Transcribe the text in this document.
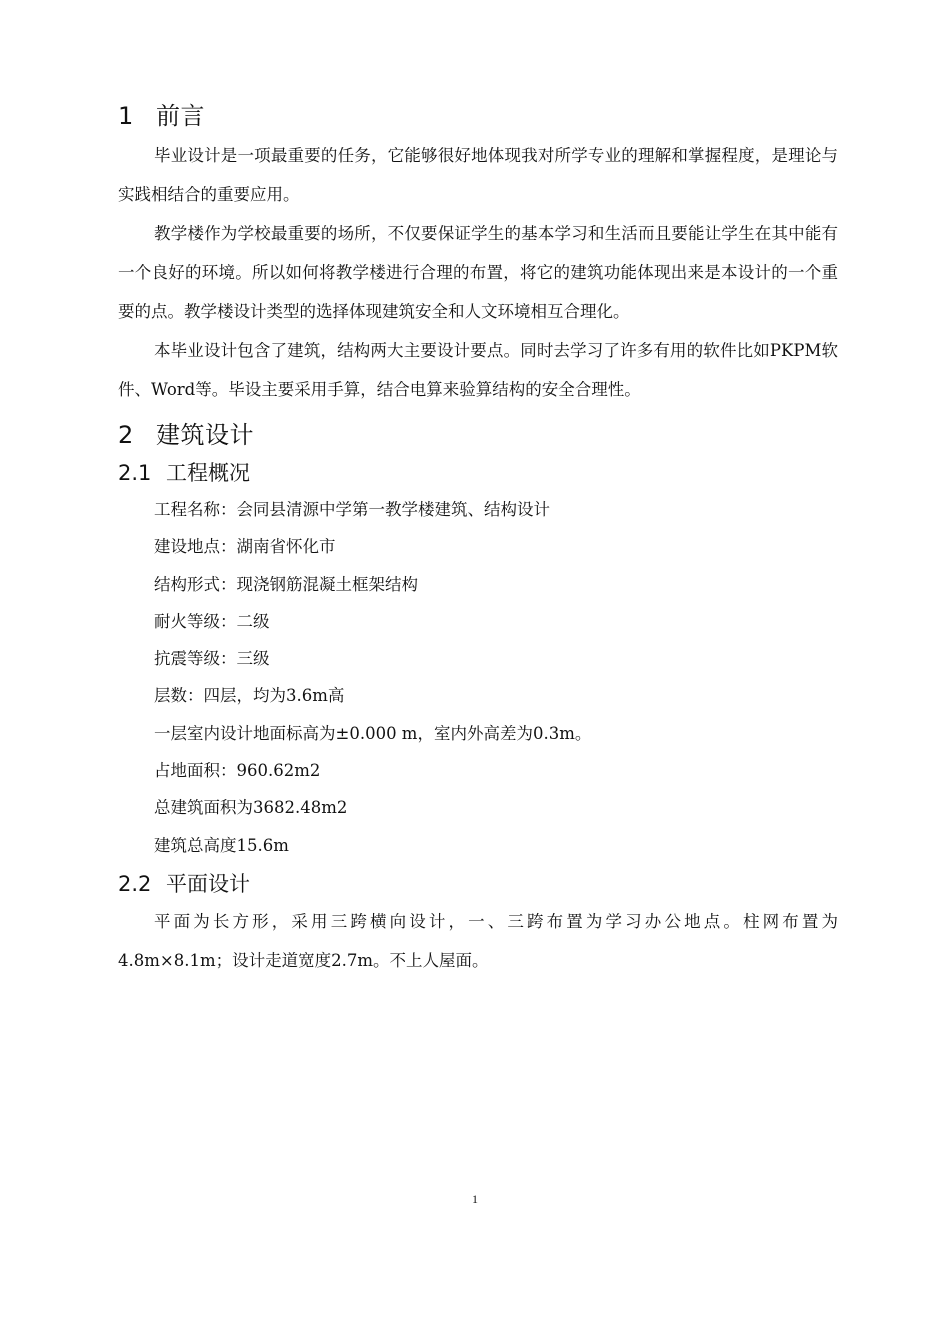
1 前言

毕业设计是一项最重要的任务，它能够很好地体现我对所学专业的理解和掌握程度，是理论与实践相结合的重要应用。

教学楼作为学校最重要的场所，不仅要保证学生的基本学习和生活而且要能让学生在其中能有一个良好的环境。所以如何将教学楼进行合理的布置，将它的建筑功能体现出来是本设计的一个重要的点。教学楼设计类型的选择体现建筑安全和人文环境相互合理化。

本毕业设计包含了建筑，结构两大主要设计要点。同时去学习了许多有用的软件比如PKPM软件、Word等。毕设主要采用手算，结合电算来验算结构的安全合理性。

2 建筑设计
2.1 工程概况

工程名称：会同县清源中学第一教学楼建筑、结构设计

建设地点：湖南省怀化市

结构形式：现浇钢筋混凝土框架结构

耐火等级：二级

抗震等级：三级

层数：四层，均为3.6m高

一层室内设计地面标高为±0.000 m，室内外高差为0.3m。

占地面积：960.62m2

总建筑面积为3682.48m2

建筑总高度15.6m

2.2 平面设计

平面为长方形，采用三跨横向设计，一、三跨布置为学习办公地点。柱网布置为4.8m×8.1m；设计走道宽度2.7m。不上人屋面。

1
